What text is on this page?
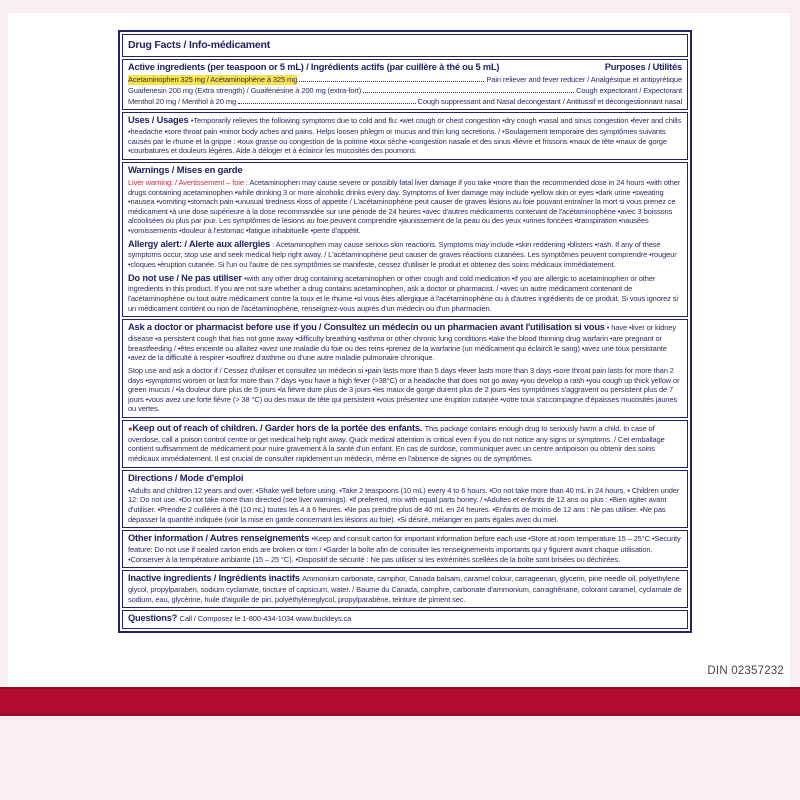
Drug Facts / Info-médicament
Active ingredients (per teaspoon or 5 mL) / Ingrédients actifs (par cuillère à thé ou 5 mL)	Purposes / Utilités
Acetaminophen 325 mg / Acétaminophène à 325 mg	Pain reliever and fever reducer / Analgésique et antipyrétique
Guaifenesin 200 mg (Extra strength) / Guaifénésine à 200 mg (extra-fort)	Cough expectorant / Expectorant
Menthol 20 mg / Menthol à 20 mg	Cough suppressant and Nasal decongestant / Antitussif et décongestionnant nasal

Uses / Usages •Temporarily relieves the following symptoms due to cold and flu: ▪wet cough or chest congestion ▪dry cough ▪nasal and sinus congestion ▪fever and chills ▪headache ▪sore throat pain ▪minor body aches and pains. Helps loosen phlegm or mucus and thin lung secretions. / •Soulagement temporaire des symptômes suivants causés par le rhume et la grippe : ▪toux grasse ou congestion de la poitrine ▪toux sèche ▪congestion nasale et des sinus ▪fièvre et frissons ▪maux de tête ▪maux de gorge ▪courbatures et douleurs légères. Aide à déloger et à éclaircir les mucosités des poumons.

Warnings / Mises en garde

Liver warning: / Avertissement – foie : Acetaminophen may cause severe or possibly fatal liver damage if you take •more than the recommended dose in 24 hours •with other drugs containing acetaminophen •while drinking 3 or more alcoholic drinks every day. Symptoms of liver damage may include •yellow skin or eyes •dark urine •sweating •nausea •vomiting •stomach pain •unusual tiredness •loss of appetite / L'acétaminophène peut causer de graves lésions au foie pouvant entraîner la mort si vous prenez ce médicament •à une dose supérieure à la dose recommandée sur une période de 24 heures •avec d'autres médicaments contenant de l'acétaminophène •avec 3 boissons alcoolisées ou plus par jour. Les symptômes de lésions au foie peuvent comprendre •jaunissement de la peau ou des yeux •urines foncées •transpiration •nausées •vomissements •douleur à l'estomac •fatigue inhabituelle •perte d'appétit.

Allergy alert: / Alerte aux allergies : Acetaminophen may cause serious skin reactions. Symptoms may include •skin reddening •blisters •rash. If any of these symptoms occur, stop use and seek medical help right away. / L'acétaminophène peut causer de graves réactions cutanées. Les symptômes peuvent comprendre •rougeur •cloques •éruption cutanée. Si l'un ou l'autre de ces symptômes se manifeste, cessez d'utiliser le produit et obtenez des soins médicaux immédiatement.

Do not use / Ne pas utiliser •with any other drug containing acetaminophen or other cough and cold medication •if you are allergic to acetaminophen or other ingredients in this product. If you are not sure whether a drug contains acetaminophen, ask a doctor or pharmacist. / •avec un autre médicament contenant de l'acétaminophène ou tout autre médicament contre la toux et le rhume •si vous êtes allergique à l'acétaminophène ou à d'autres ingrédients de ce produit. Si vous ignorez si un médicament contient ou non de l'acétaminophène, renseignez-vous auprès d'un médecin ou d'un pharmacien.

Ask a doctor or pharmacist before use if you / Consultez un médecin ou un pharmacien avant l'utilisation si vous • have ▪liver or kidney disease ▪a persistent cough that has not gone away ▪difficulty breathing ▪asthma or other chronic lung conditions •take the blood thinning drug warfarin •are pregnant or breastfeeding / •êtes enceinte ou allaitez •avez une maladie du foie ou des reins •prenez de la warfarine (un médicament qui éclaircit le sang) •avez une toux persistante •avez de la difficulté à respirer •souffrez d'asthme ou d'une autre maladie pulmonaire chronique.

Stop use and ask a doctor if / Cessez d'utiliser et consultez un médecin si •pain lasts more than 5 days •fever lasts more than 3 days •sore throat pain lasts for more than 2 days •symptoms worsen or last for more than 7 days •you have a high fever (>38°C) or a headache that does not go away •you develop a rash •you cough up thick yellow or green mucus / •la douleur dure plus de 5 jours •la fièvre dure plus de 3 jours •les maux de gorge durent plus de 2 jours •les symptômes s'aggravent ou persistent plus de 7 jours •vous avez une forte fièvre (> 38 °C) ou des maux de tête qui persistent •vous présentez une éruption cutanée •votre toux s'accompagne d'épaisses mucosités jaunes ou vertes.

●Keep out of reach of children. / Garder hors de la portée des enfants. This package contains enough drug to seriously harm a child. In case of overdose, call a poison control centre or get medical help right away. Quick medical attention is critical even if you do not notice any signs or symptoms. / Cet emballage contient suffisamment de médicament pour nuire gravement à la santé d'un enfant. En cas de surdose, communiquer avec un centre antipoison ou obtenir des soins médicaux immédiatement. Il est crucial de consulter rapidement un médecin, même en l'absence de signes ou de symptômes.

Directions / Mode d'emploi

•Adults and children 12 years and over: ▪Shake well before using. ▪Take 2 teaspoons (10 mL) every 4 to 6 hours. ▪Do not take more than 40 mL in 24 hours. ▪ Children under 12: Do not use. ▪Do not take more than directed (see liver warnings). ▪If preferred, mix with equal parts honey. / •Adultes et enfants de 12 ans ou plus : ▪Bien agiter avant d'utiliser. ▪Prendre 2 cuillères à thé (10 mL) toutes les 4 à 6 heures. ▪Ne pas prendre plus de 40 mL en 24 heures. ▪Enfants de moins de 12 ans : Ne pas utiliser. ▪Ne pas dépasser la quantité indiquée (voir la mise en garde concernant les lésions au foie). ▪Si désiré, mélanger en parts égales avec du miel.

Other information / Autres renseignements •Keep and consult carton for important information before each use •Store at room temperature 15 – 25°C •Security feature: Do not use if sealed carton ends are broken or torn / •Garder la boîte afin de consulter les renseignements importants qui y figurent avant chaque utilisation. •Conserver à la température ambiante (15 – 25 °C). •Dispositif de sécurité : Ne pas utiliser si les extrémités scellées de la boîte sont brisées ou déchirées.

Inactive ingredients / Ingrédients inactifs Ammonium carbonate, camphor, Canada balsam, caramel colour, carrageenan, glycerin, pine needle oil, polyethylene glycol, propylparaben, sodium cyclamate, tincture of capsicum, water. / Baume du Canada, camphre, carbonate d'ammonium, carraghénane, colorant caramel, cyclamate de sodium, eau, glycérine, huile d'aiguille de pin, polyéthylèneglycol, propylparabène, teinture de piment sec.

Questions? Call / Composez le 1-800-434-1034 www.buckleys.ca

DIN 02357232
